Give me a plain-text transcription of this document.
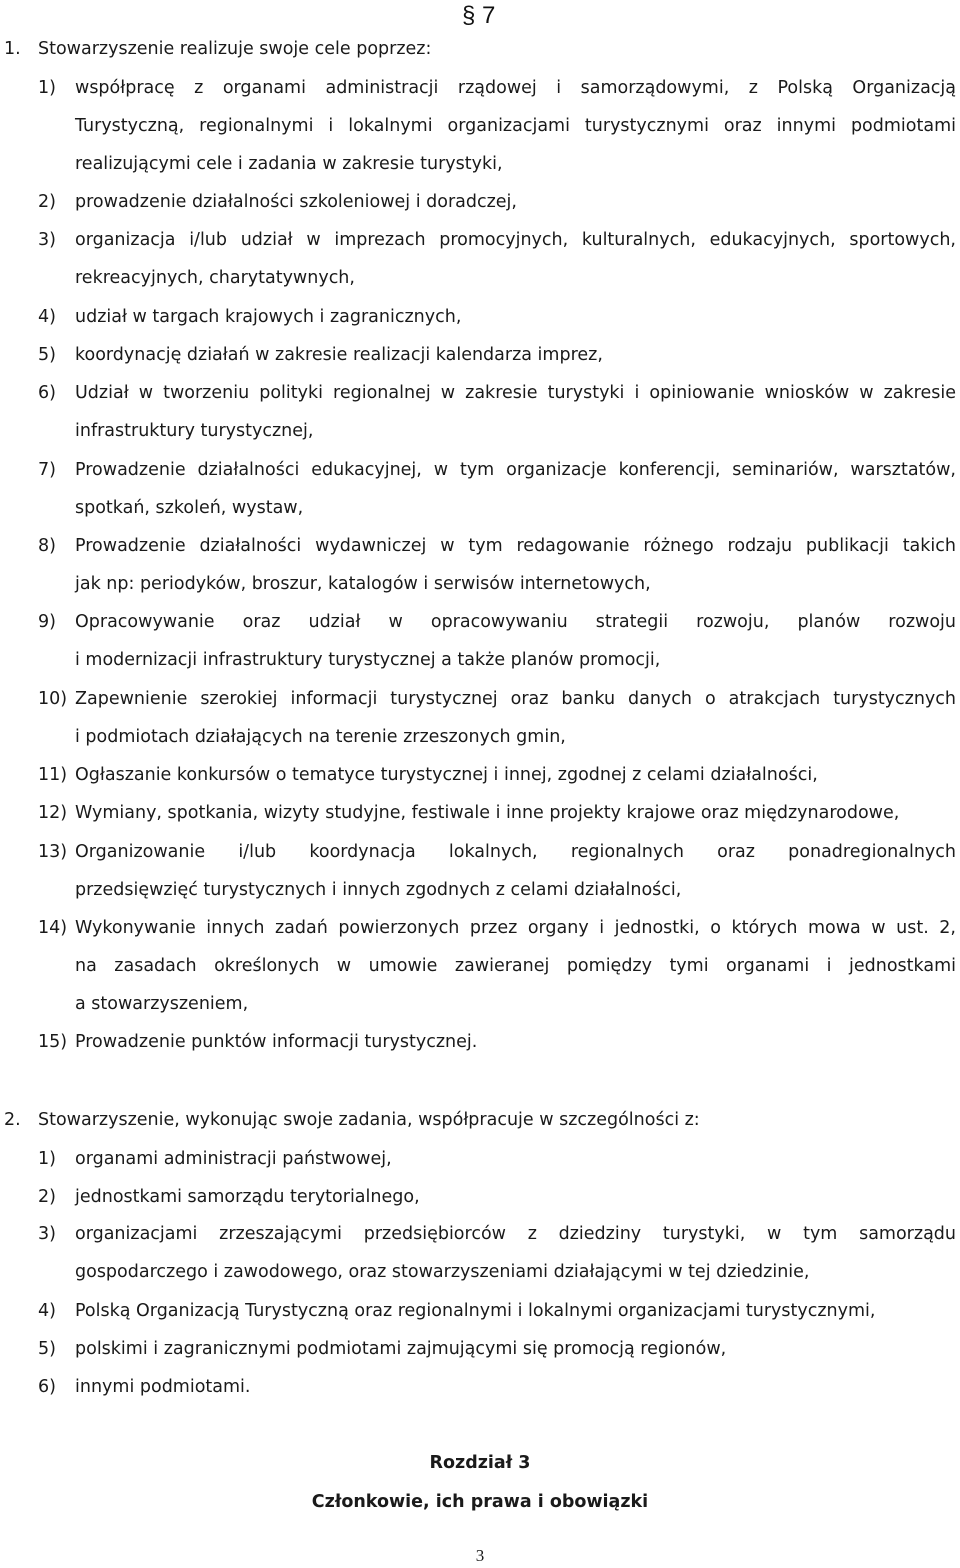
§ 7
1. Stowarzyszenie realizuje swoje cele poprzez:
1) współpracę z organami administracji rządowej i samorządowymi, z Polską Organizacją
Turystyczną, regionalnymi i lokalnymi organizacjami turystycznymi oraz innymi podmiotami
realizującymi cele i zadania w zakresie turystyki,
2) prowadzenie działalności szkoleniowej i doradczej,
3) organizacja i/lub udział w imprezach promocyjnych, kulturalnych, edukacyjnych, sportowych,
rekreacyjnych, charytatywnych,
4) udział w targach krajowych i zagranicznych,
5) koordynację działań w zakresie realizacji kalendarza imprez,
6) Udział w tworzeniu polityki regionalnej w zakresie turystyki i opiniowanie wniosków w zakresie
infrastruktury turystycznej,
7) Prowadzenie działalności edukacyjnej, w tym organizacje konferencji, seminariów, warsztatów,
spotkań, szkoleń, wystaw,
8) Prowadzenie działalności wydawniczej w tym redagowanie różnego rodzaju publikacji takich
jak np: periodyków, broszur, katalogów i serwisów internetowych,
9) Opracowywanie oraz udział w opracowywaniu strategii rozwoju, planów rozwoju
i modernizacji infrastruktury turystycznej a także planów promocji,
10) Zapewnienie szerokiej informacji turystycznej oraz banku danych o atrakcjach turystycznych
i podmiotach działających na terenie zrzeszonych gmin,
11) Ogłaszanie konkursów o tematyce turystycznej i innej, zgodnej z celami działalności,
12) Wymiany, spotkania, wizyty studyjne, festiwale i inne projekty krajowe oraz międzynarodowe,
13) Organizowanie i/lub koordynacja lokalnych, regionalnych oraz ponadregionalnych
przedsięwzięć turystycznych i innych zgodnych z celami działalności,
14) Wykonywanie innych zadań powierzonych przez organy i jednostki, o których mowa w ust. 2,
na zasadach określonych w umowie zawieranej pomiędzy tymi organami i jednostkami
a stowarzyszeniem,
15) Prowadzenie punktów informacji turystycznej.
2. Stowarzyszenie, wykonując swoje zadania, współpracuje w szczególności z:
1) organami administracji państwowej,
2) jednostkami samorządu terytorialnego,
3) organizacjami zrzeszającymi przedsiębiorców z dziedziny turystyki, w tym samorządu
gospodarczego i zawodowego, oraz stowarzyszeniami działającymi w tej dziedzinie,
4) Polską Organizacją Turystyczną oraz regionalnymi i lokalnymi organizacjami turystycznymi,
5) polskimi i zagranicznymi podmiotami zajmującymi się promocją regionów,
6) innymi podmiotami.
Rozdział 3
Członkowie, ich prawa i obowiązki
3
